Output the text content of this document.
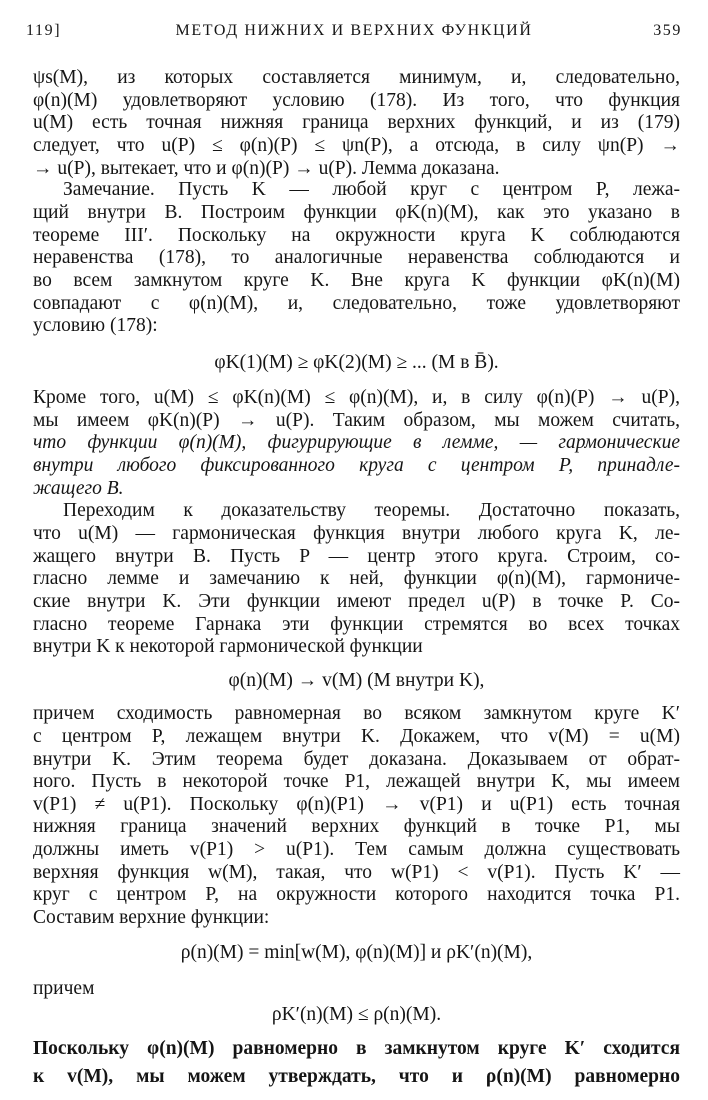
119]	МЕТОД НИЖНИХ И ВЕРХНИХ ФУНКЦИЙ	359
ψs(M), из которых составляется минимум, и, следовательно,
φ(n)(M) удовлетворяют условию (178). Из того, что функция
u(M) есть точная нижняя граница верхних функций, и из (179)
следует, что u(P) ≤ φ(n)(P) ≤ ψn(P), а отсюда, в силу ψn(P) →
→ u(P), вытекает, что и φ(n)(P) → u(P). Лемма доказана.
Замечание. Пусть K — любой круг с центром P, лежа-
щий внутри B. Построим функции φK(n)(M), как это указано в
теореме III′. Поскольку на окружности круга K соблюдаются
неравенства (178), то аналогичные неравенства соблюдаются и
во всем замкнутом круге K. Вне круга K функции φK(n)(M)
совпадают с φ(n)(M), и, следовательно, тоже удовлетворяют
условию (178):
φK(1)(M) ≥ φK(2)(M) ≥ ... (M в B̄).
Кроме того, u(M) ≤ φK(n)(M) ≤ φ(n)(M), и, в силу φ(n)(P) → u(P),
мы имеем φK(n)(P) → u(P). Таким образом, мы можем считать,
что функции φ(n)(M), фигурирующие в лемме, — гармонические
внутри любого фиксированного круга с центром P, принадле-
жащего B.
Переходим к доказательству теоремы. Достаточно показать,
что u(M) — гармоническая функция внутри любого круга K, ле-
жащего внутри B. Пусть P — центр этого круга. Строим, со-
гласно лемме и замечанию к ней, функции φ(n)(M), гармониче-
ские внутри K. Эти функции имеют предел u(P) в точке P. Со-
гласно теореме Гарнака эти функции стремятся во всех точках
внутри K к некоторой гармонической функции
φ(n)(M) → v(M) (M внутри K),
причем сходимость равномерная во всяком замкнутом круге K′
с центром P, лежащем внутри K. Докажем, что v(M) = u(M)
внутри K. Этим теорема будет доказана. Доказываем от обрат-
ного. Пусть в некоторой точке P1, лежащей внутри K, мы имеем
v(P1) ≠ u(P1). Поскольку φ(n)(P1) → v(P1) и u(P1) есть точная
нижняя граница значений верхних функций в точке P1, мы
должны иметь v(P1) > u(P1). Тем самым должна существовать
верхняя функция w(M), такая, что w(P1) < v(P1). Пусть K′ —
круг с центром P, на окружности которого находится точка P1.
Составим верхние функции:
ρ(n)(M) = min[w(M), φ(n)(M)] и ρK′(n)(M),
причем
ρK′(n)(M) ≤ ρ(n)(M).
Поскольку φ(n)(M) равномерно в замкнутом круге K′ сходится
к v(M), мы можем утверждать, что и ρ(n)(M) равномерно
